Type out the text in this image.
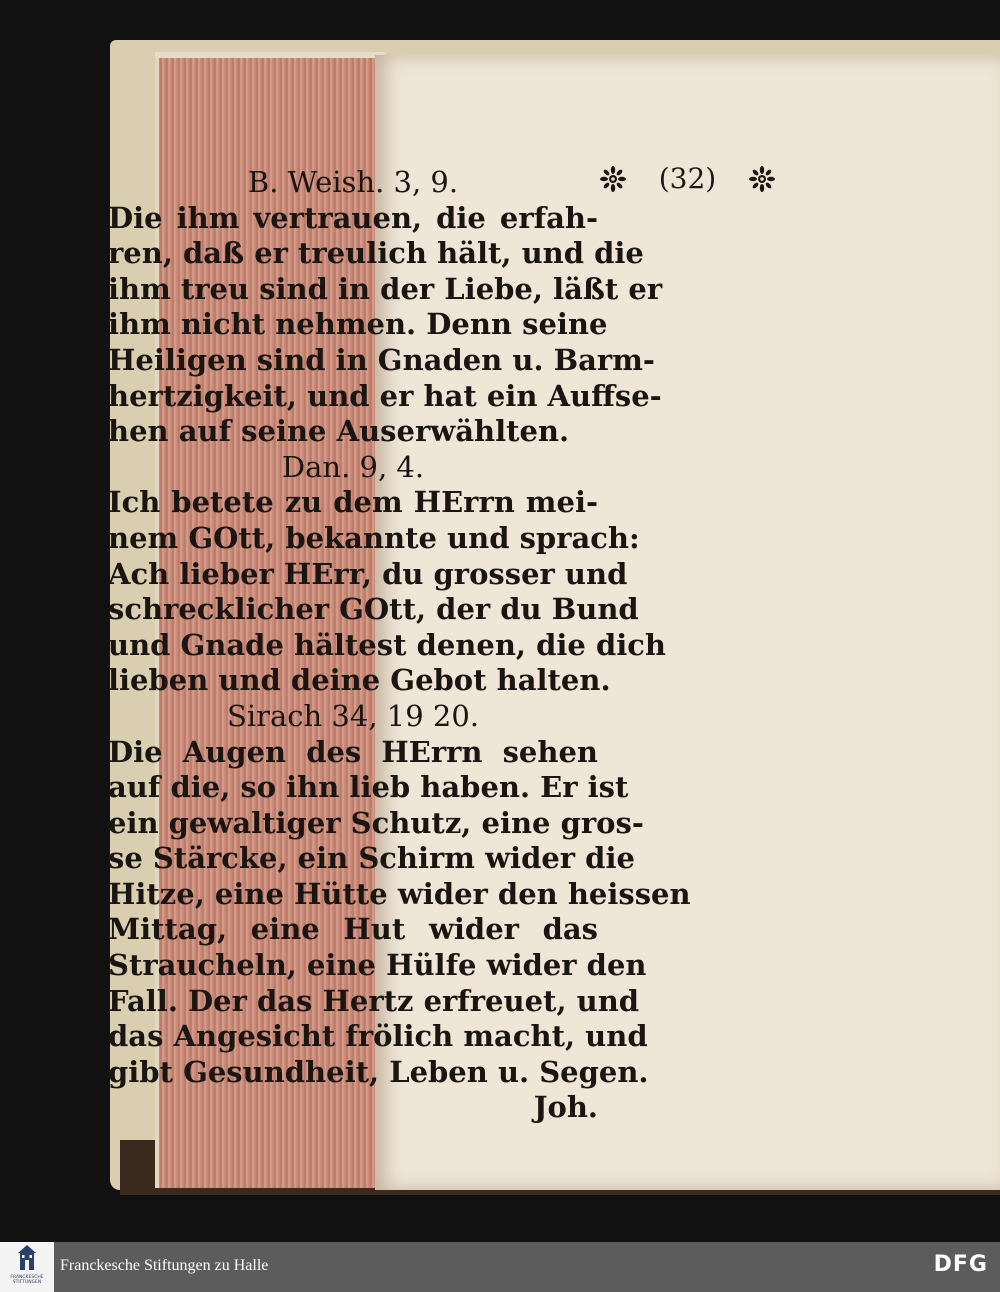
(32)
B. Weish. 3, 9.
Die ihm vertrauen, die erfah-
ren, daß er treulich hält, und die
ihm treu sind in der Liebe, läßt er
ihm nicht nehmen. Denn seine
Heiligen sind in Gnaden u. Barm-
hertzigkeit, und er hat ein Auffse-
hen auf seine Auserwählten.
Dan. 9, 4.
Ich betete zu dem HErrn mei-
nem GOtt, bekannte und sprach:
Ach lieber HErr, du grosser und
schrecklicher GOtt, der du Bund
und Gnade hältest denen, die dich
lieben und deine Gebot halten.
Sirach 34, 19 20.
Die Augen des HErrn sehen
auf die, so ihn lieb haben. Er ist
ein gewaltiger Schutz, eine gros-
se Stärcke, ein Schirm wider die
Hitze, eine Hütte wider den heissen
Mittag, eine Hut wider das
Straucheln, eine Hülfe wider den
Fall. Der das Hertz erfreuet, und
das Angesicht frölich macht, und
gibt Gesundheit, Leben u. Segen.
Joh.
FRANCKESCHE STIFTUNGEN
Franckesche Stiftungen zu Halle	DFG
